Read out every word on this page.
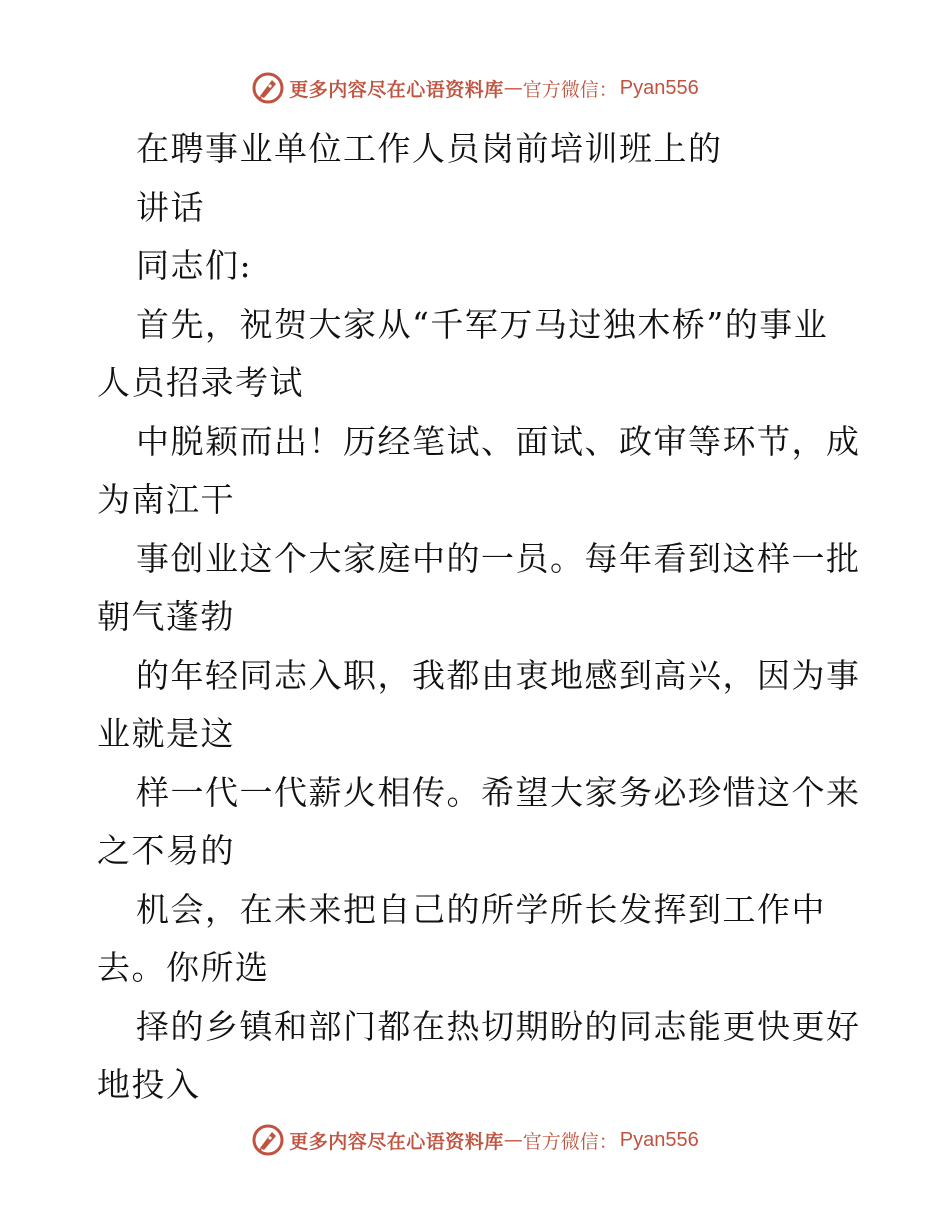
更多内容尽在心语资料库 — 官方微信： Pyan556
在聘事业单位工作人员岗前培训班上的
讲话
同志们:
首先，祝贺大家从“千军万马过独木桥”的事业
人员招录考试
中脱颖而出！历经笔试、面试、政审等环节，成
为南江干
事创业这个大家庭中的一员。每年看到这样一批
朝气蓬勃
的年轻同志入职，我都由衷地感到高兴，因为事
业就是这
样一代一代薪火相传。希望大家务必珍惜这个来
之不易的
机会，在未来把自己的所学所长发挥到工作中
去。你所选
择的乡镇和部门都在热切期盼的同志能更快更好
地投入
更多内容尽在心语资料库 — 官方微信： Pyan556
